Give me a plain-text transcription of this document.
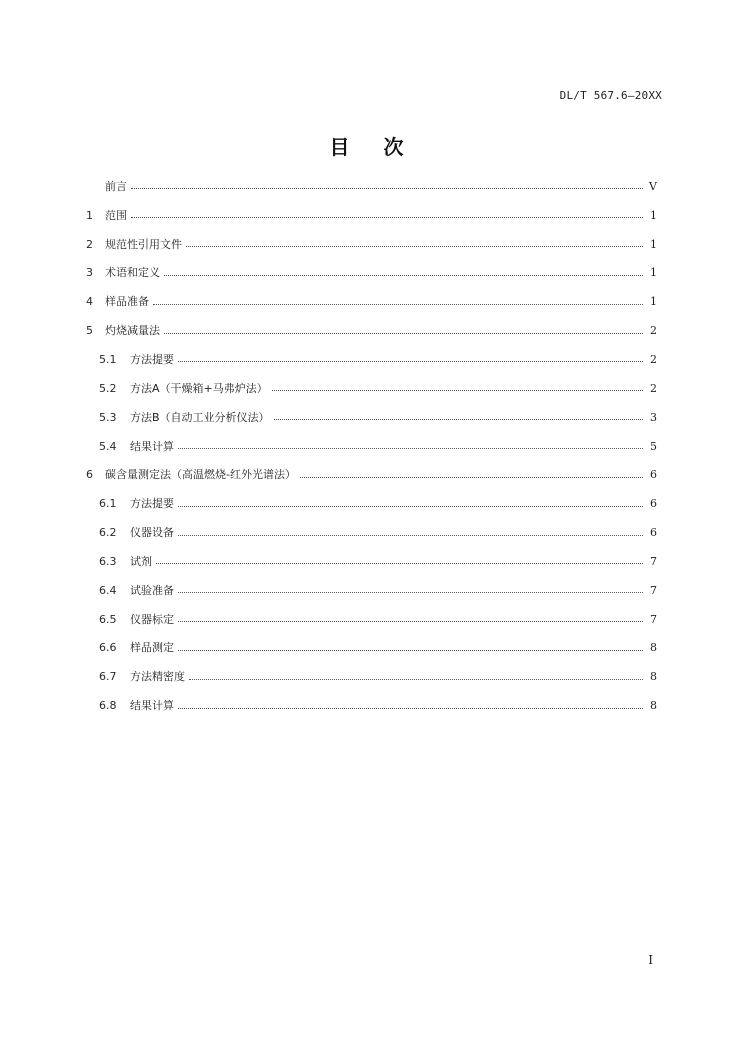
DL/T 567.6—20XX
目次
前言	V
1	范围	1
2	规范性引用文件	1
3	术语和定义	1
4	样品准备	1
5	灼烧减量法	2
5.1	方法提要	2
5.2	方法A（干燥箱+马弗炉法）	2
5.3	方法B（自动工业分析仪法）	3
5.4	结果计算	5
6	碳含量测定法（高温燃烧-红外光谱法）	6
6.1	方法提要	6
6.2	仪器设备	6
6.3	试剂	7
6.4	试验准备	7
6.5	仪器标定	7
6.6	样品测定	8
6.7	方法精密度	8
6.8	结果计算	8
I
